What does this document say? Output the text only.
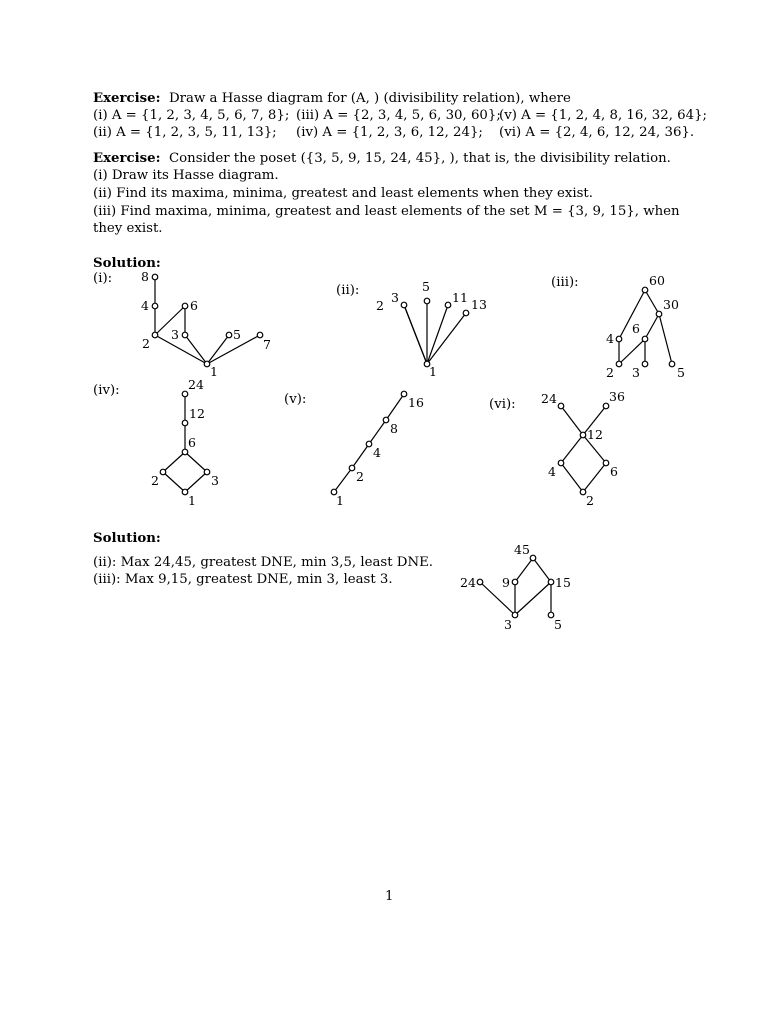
Exercise: Draw a Hasse diagram for (A, ) (divisibility relation), where
(i) A = {1, 2, 3, 4, 5, 6, 7, 8}; (iii) A = {2, 3, 4, 5, 6, 30, 60};
(v) A = {1, 2, 4, 8, 16, 32, 64};
(ii) A = {1, 2, 3, 5, 11, 13}; (iv) A = {1, 2, 3, 6, 12, 24}; (vi) A = {2, 4, 6, 12, 24, 36}.
Exercise: Consider the poset ({3, 5, 9, 15, 24, 45}, ), that is, the divisibility relation.
(i) Draw its Hasse diagram.
(ii) Find its maxima, minima, greatest and least elements when they exist.
(iii) Find maxima, minima, greatest and least elements of the set M = {3, 9, 15}, when
they exist.
Solution:
(i):
(ii):
(iii):
(iv):
(v):	(vi):
Solution:
(ii): Max 24,45, greatest DNE, min 3,5, least DNE.
(iii): Max 9,15, greatest DNE, min 3, least 3.
8
4	6
2
3	5
7
1
2
3
5
11 13
1
60
30
4
6
2 3	5
24
12
6
2	3
1
16
8
4
2
1
24	36
12
4	6
2
45
24 9	15
3	5
1
